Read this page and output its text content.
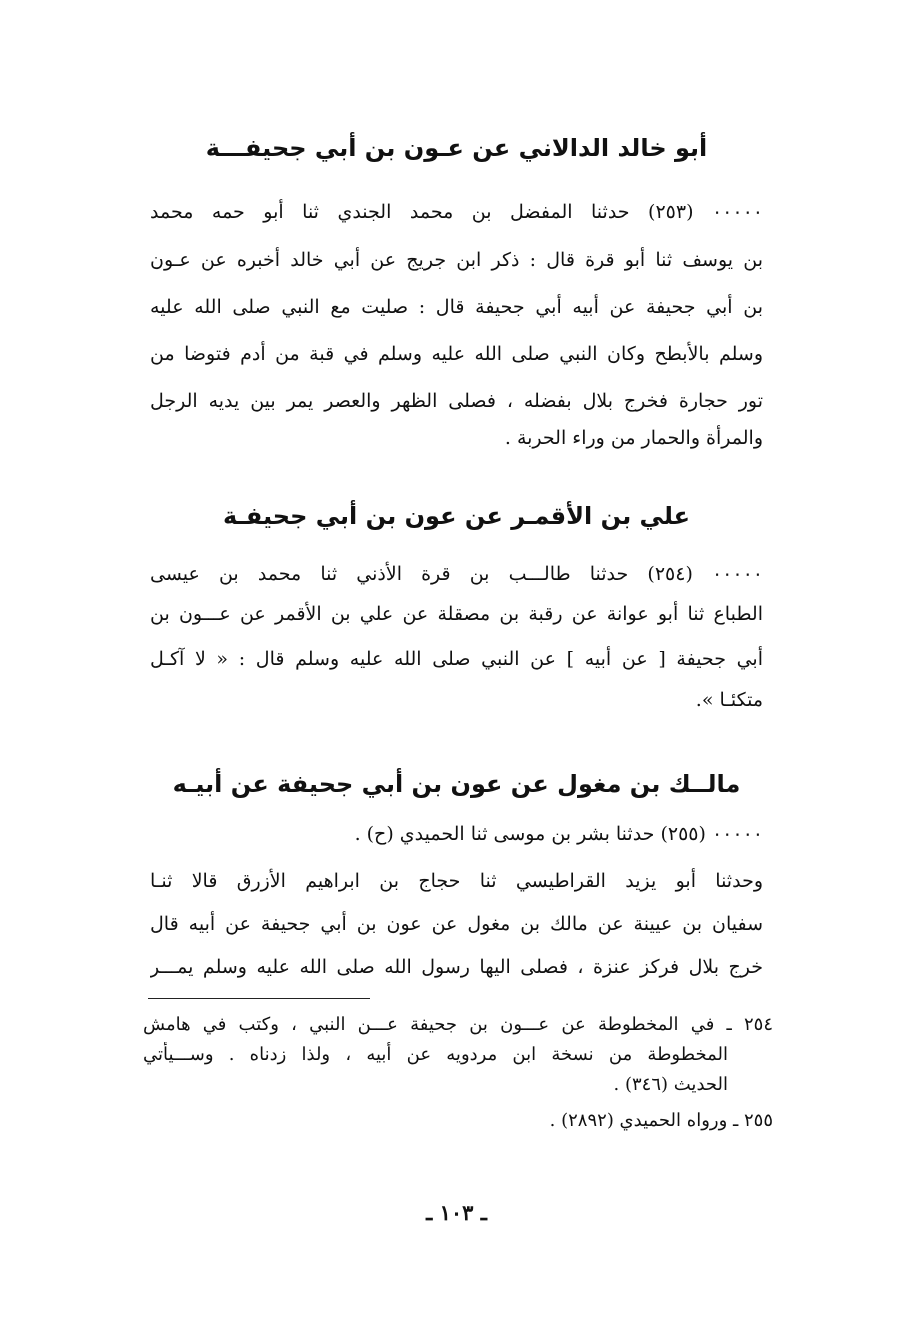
أبو خالد الدالاني عن عـون بن أبي جحيفـــة
٠٠٠٠٠ (٢٥٣) حدثنا المفضل بن محمد الجندي ثنا أبو حمه محمد
بن يوسف ثنا أبو قرة قال : ذكر ابن جريج عن أبي خالد أخبره عن عـون
بن أبي جحيفة عن أبيه أبي جحيفة قال : صليت مع النبي صلى الله عليه
وسلم بالأبطح وكان النبي صلى الله عليه وسلم في قبة من أدم فتوضا من
تور حجارة فخرج بلال بفضله ، فصلى الظهر والعصر يمر بين يديه الرجل
والمرأة والحمار من وراء الحربة .
علي بن الأقمـر عن عون بن أبي جحيفـة
٠٠٠٠٠ (٢٥٤) حدثنا طالـــب بن قرة الأذني ثنا محمد بن عيسى
الطباع ثنا أبو عوانة عن رقبة بن مصقلة عن علي بن الأقمر عن عـــون بن
أبي جحيفة [ عن أبيه ] عن النبي صلى الله عليه وسلم قال : « لا آكـل
متكئـا ».
مالــك بن مغول عن عون بن أبي جحيفة عن أبيـه
٠٠٠٠٠ (٢٥٥) حدثنا بشر بن موسى ثنا الحميدي (ح) .
وحدثنا أبو يزيد القراطيسي ثنا حجاج بن ابراهيم الأزرق قالا ثنـا
سفيان بن عيينة عن مالك بن مغول عن عون بن أبي جحيفة عن أبيه قال
خرج بلال فركز عنزة ، فصلى اليها رسول الله صلى الله عليه وسلم يمـــر
٢٥٤ ـ في المخطوطة عن عـــون بن جحيفة عـــن النبي ، وكتب في هامش
المخطوطة من نسخة ابن مردويه عن أبيه ، ولذا زدناه . وســـيأتي
الحديث (٣٤٦) .
٢٥٥ ـ ورواه الحميدي (٢٨٩٢) .
ـ ١٠٣ ـ
